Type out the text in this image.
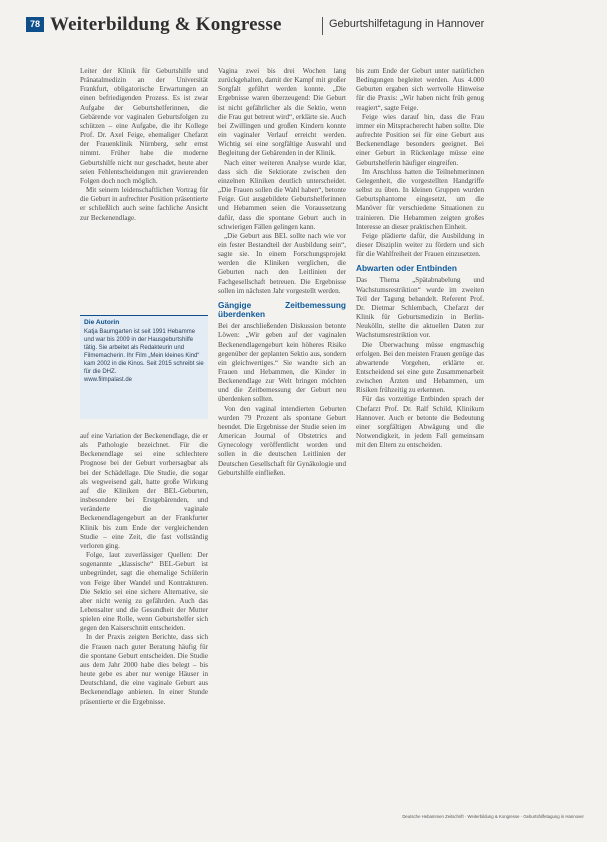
78 Weiterbildung & Kongresse	Geburtshilfetagung in Hannover

Leiter der Klinik für Geburtshilfe und Pränatalmedizin an der Universität Frankfurt, obligatorische Erwartungen an einen befriedigenden Prozess. Es ist zwar Aufgabe der Geburtshelferinnen, die Gebärende vor vaginalen Geburtsfolgen zu schützen – eine Aufgabe, die ihr Kollege Prof. Dr. Axel Feige, ehemaliger Chefarzt der Frauenklinik Nürnberg, sehr ernst nimmt. Früher habe die moderne Geburtshilfe nicht nur geschadet, heute aber seien Fehlentscheidungen mit gravierenden Folgen doch noch möglich.

Mit seinem leidenschaftlichen Vortrag für die Geburt in aufrechter Position präsentierte er schließlich auch seine fachliche Ansicht zur Beckenendlage.

Die Autorin
Katja Baumgarten ist seit 1991 Hebamme und war bis 2009 in der Hausgeburtshilfe tätig. Sie arbeitet als Redakteurin und Filmemacherin. Ihr Film „Mein kleines Kind“ kam 2002 in die Kinos. Seit 2015 schreibt sie für die DHZ.
www.filmpalast.de

auf eine Variation der Beckenendlage, die er als Pathologie bezeichnet. Für die Beckenendlage sei eine schlechtere Prognose bei der Geburt vorhersagbar als bei der Schädellage. Die Studie, die sogar als wegweisend galt, hatte große Wirkung auf die Kliniken der BEL-Geburten, insbesondere bei Erstgebärenden, und veränderte die vaginale Beckenendlagengeburt an der Frankfurter Klinik bis zum Ende der vergleichenden Studie – eine Zeit, die fast vollständig verloren ging.

Folge, laut zuverlässiger Quellen: Der sogenannte „klassische“ BEL-Geburt ist unbegründet, sagt die ehemalige Schülerin von Feige über Wandel und Kontrakturen. Die Sektio sei eine sichere Alternative, sie aber nicht wenig zu gefährden. Auch das Lebensalter und die Gesundheit der Mutter spielen eine Rolle, wenn Geburtshelfer sich gegen den Kaiserschnitt entscheiden.

In der Praxis zeigten Berichte, dass sich die Frauen nach guter Beratung häufig für die spontane Geburt entscheiden. Die Studie aus dem Jahr 2000 habe dies belegt – bis heute gebe es aber nur wenige Häuser in Deutschland, die eine vaginale Geburt aus Beckenendlage anbieten. In einer Stunde präsentierte er die Ergebnisse.

Vagina zwei bis drei Wochen lang zurückgehalten, damit der Kampf mit großer Sorgfalt geführt werden konnte. „Die Ergebnisse waren überzeugend: Die Geburt ist nicht gefährlicher als die Sektio, wenn die Frau gut betreut wird“, erklärte sie. Auch bei Zwillingen und großen Kindern konnte ein vaginaler Verlauf erreicht werden. Wichtig sei eine sorgfältige Auswahl und Begleitung der Gebärenden in der Klinik.

Nach einer weiteren Analyse wurde klar, dass sich die Sektiorate zwischen den einzelnen Kliniken deutlich unterscheidet. „Die Frauen sollen die Wahl haben“, betonte Feige. Gut ausgebildete Geburtshelferinnen und Hebammen seien die Voraussetzung dafür, dass die spontane Geburt auch in schwierigen Fällen gelingen kann.

„Die Geburt aus BEL sollte nach wie vor ein fester Bestandteil der Ausbildung sein“, sagte sie. In einem Forschungsprojekt werden die Kliniken verglichen, die Geburten nach den Leitlinien der Fachgesellschaft betreuen. Die Ergebnisse sollen im nächsten Jahr vorgestellt werden.

Gängige Zeitbemessung überdenken

Bei der anschließenden Diskussion betonte Löwen: „Wir geben auf der vaginalen Beckenendlagengeburt kein höheres Risiko gegenüber der geplanten Sektio aus, sondern ein gleichwertiges.“ Sie wandte sich an Frauen und Hebammen, die Kinder in Beckenendlage zur Welt bringen möchten und die Zeitbemessung der Geburt neu überdenken sollten.

Von den vaginal intendierten Geburten wurden 79 Prozent als spontane Geburt beendet. Die Ergebnisse der Studie seien im American Journal of Obstetrics and Gynecology veröffentlicht worden und sollen in die deutschen Leitlinien der Deutschen Gesellschaft für Gynäkologie und Geburtshilfe einfließen.

bis zum Ende der Geburt unter natürlichen Bedingungen begleitet werden. Aus 4.000 Geburten ergaben sich wertvolle Hinweise für die Praxis: „Wir haben nicht früh genug reagiert“, sagte Feige.

Feige wies darauf hin, dass die Frau immer ein Mitspracherecht haben sollte. Die aufrechte Position sei für eine Geburt aus Beckenendlage besonders geeignet. Bei einer Geburt in Rückenlage müsse eine Geburtshelferin häufiger eingreifen.

Im Anschluss hatten die Teilnehmerinnen Gelegenheit, die vorgestellten Handgriffe selbst zu üben. In kleinen Gruppen wurden Geburtsphantome eingesetzt, um die Manöver für verschiedene Situationen zu trainieren. Die Hebammen zeigten großes Interesse an dieser praktischen Einheit.

Feige plädierte dafür, die Ausbildung in dieser Disziplin weiter zu fördern und sich für die Wahlfreiheit der Frauen einzusetzen.

Abwarten oder Entbinden

Das Thema „Spätabnabelung und Wachstumsrestriktion“ wurde im zweiten Teil der Tagung behandelt. Referent Prof. Dr. Dietmar Schlembach, Chefarzt der Klinik für Geburtsmedizin in Berlin-Neukölln, stellte die aktuellen Daten zur Wachstumsrestriktion vor.

Die Überwachung müsse engmaschig erfolgen. Bei den meisten Frauen genüge das abwartende Vorgehen, erklärte er. Entscheidend sei eine gute Zusammenarbeit zwischen Ärzten und Hebammen, um Risiken frühzeitig zu erkennen.

Für das vorzeitige Entbinden sprach der Chefarzt Prof. Dr. Ralf Schild, Klinikum Hannover. Auch er betonte die Bedeutung einer sorgfältigen Abwägung und die Notwendigkeit, in jedem Fall gemeinsam mit den Eltern zu entscheiden.

Deutsche Hebammen Zeitschrift · Weiterbildung & Kongresse · Geburtshilfetagung in Hannover
